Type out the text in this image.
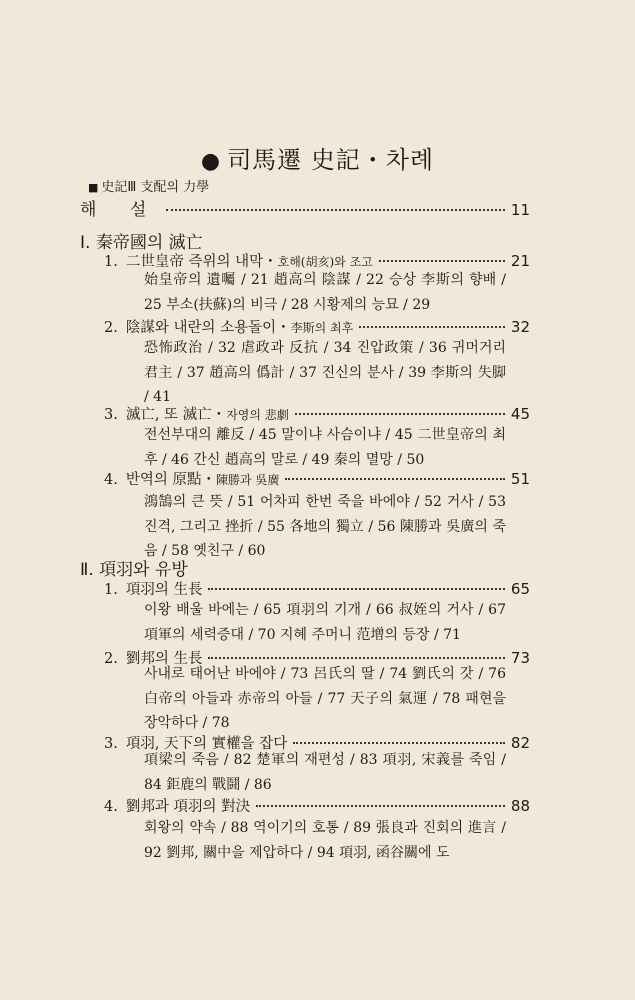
● 司馬遷 史記・차례
■ 史記Ⅲ 支配의 力學
해 설	11
Ⅰ. 秦帝國의 滅亡
1. 二世皇帝 즉위의 내막・ 호해(胡亥)와 조고	21
始皇帝의 遺囑 / 21 趙高의 陰謀 / 22 승상 李斯의 향배 / 25 부소(扶蘇)의 비극 / 28 시황제의 능묘 / 29
2. 陰謀와 내란의 소용돌이・ 李斯의 최후	32
恐怖政治 / 32 虐政과 反抗 / 34 진압政策 / 36 귀머거리 君主 / 37 趙高의 僞計 / 37 진신의 분사 / 39 李斯의 失脚 / 41
3. 滅亡, 또 滅亡・ 자영의 悲劇	45
전선부대의 離反 / 45 말이냐 사슴이냐 / 45 二世皇帝의 최후 / 46 간신 趙高의 말로 / 49 秦의 멸망 / 50
4. 반역의 原點・ 陳勝과 吳廣	51
鴻鵠의 큰 뜻 / 51 어차피 한번 죽을 바에야 / 52 거사 / 53 진격, 그리고 挫折 / 55 各地의 獨立 / 56 陳勝과 吳廣의 죽음 / 58 옛친구 / 60
Ⅱ. 項羽와 유방
1. 項羽의 生長	65
이왕 배울 바에는 / 65 項羽의 기개 / 66 叔姪의 거사 / 67 項軍의 세력증대 / 70 지혜 주머니 范增의 등장 / 71
2. 劉邦의 生長	73
사내로 태어난 바에야 / 73 呂氏의 딸 / 74 劉氏의 갓 / 76 白帝의 아들과 赤帝의 아들 / 77 天子의 氣運 / 78 패현을 장악하다 / 78
3. 項羽, 天下의 實權을 잡다	82
項梁의 죽음 / 82 楚軍의 재편성 / 83 項羽, 宋義를 죽임 / 84 鉅鹿의 戰鬪 / 86
4. 劉邦과 項羽의 對決	88
회왕의 약속 / 88 역이기의 호통 / 89 張良과 진회의 進言 / 92 劉邦, 關中을 제압하다 / 94 項羽, 函谷關에 도
